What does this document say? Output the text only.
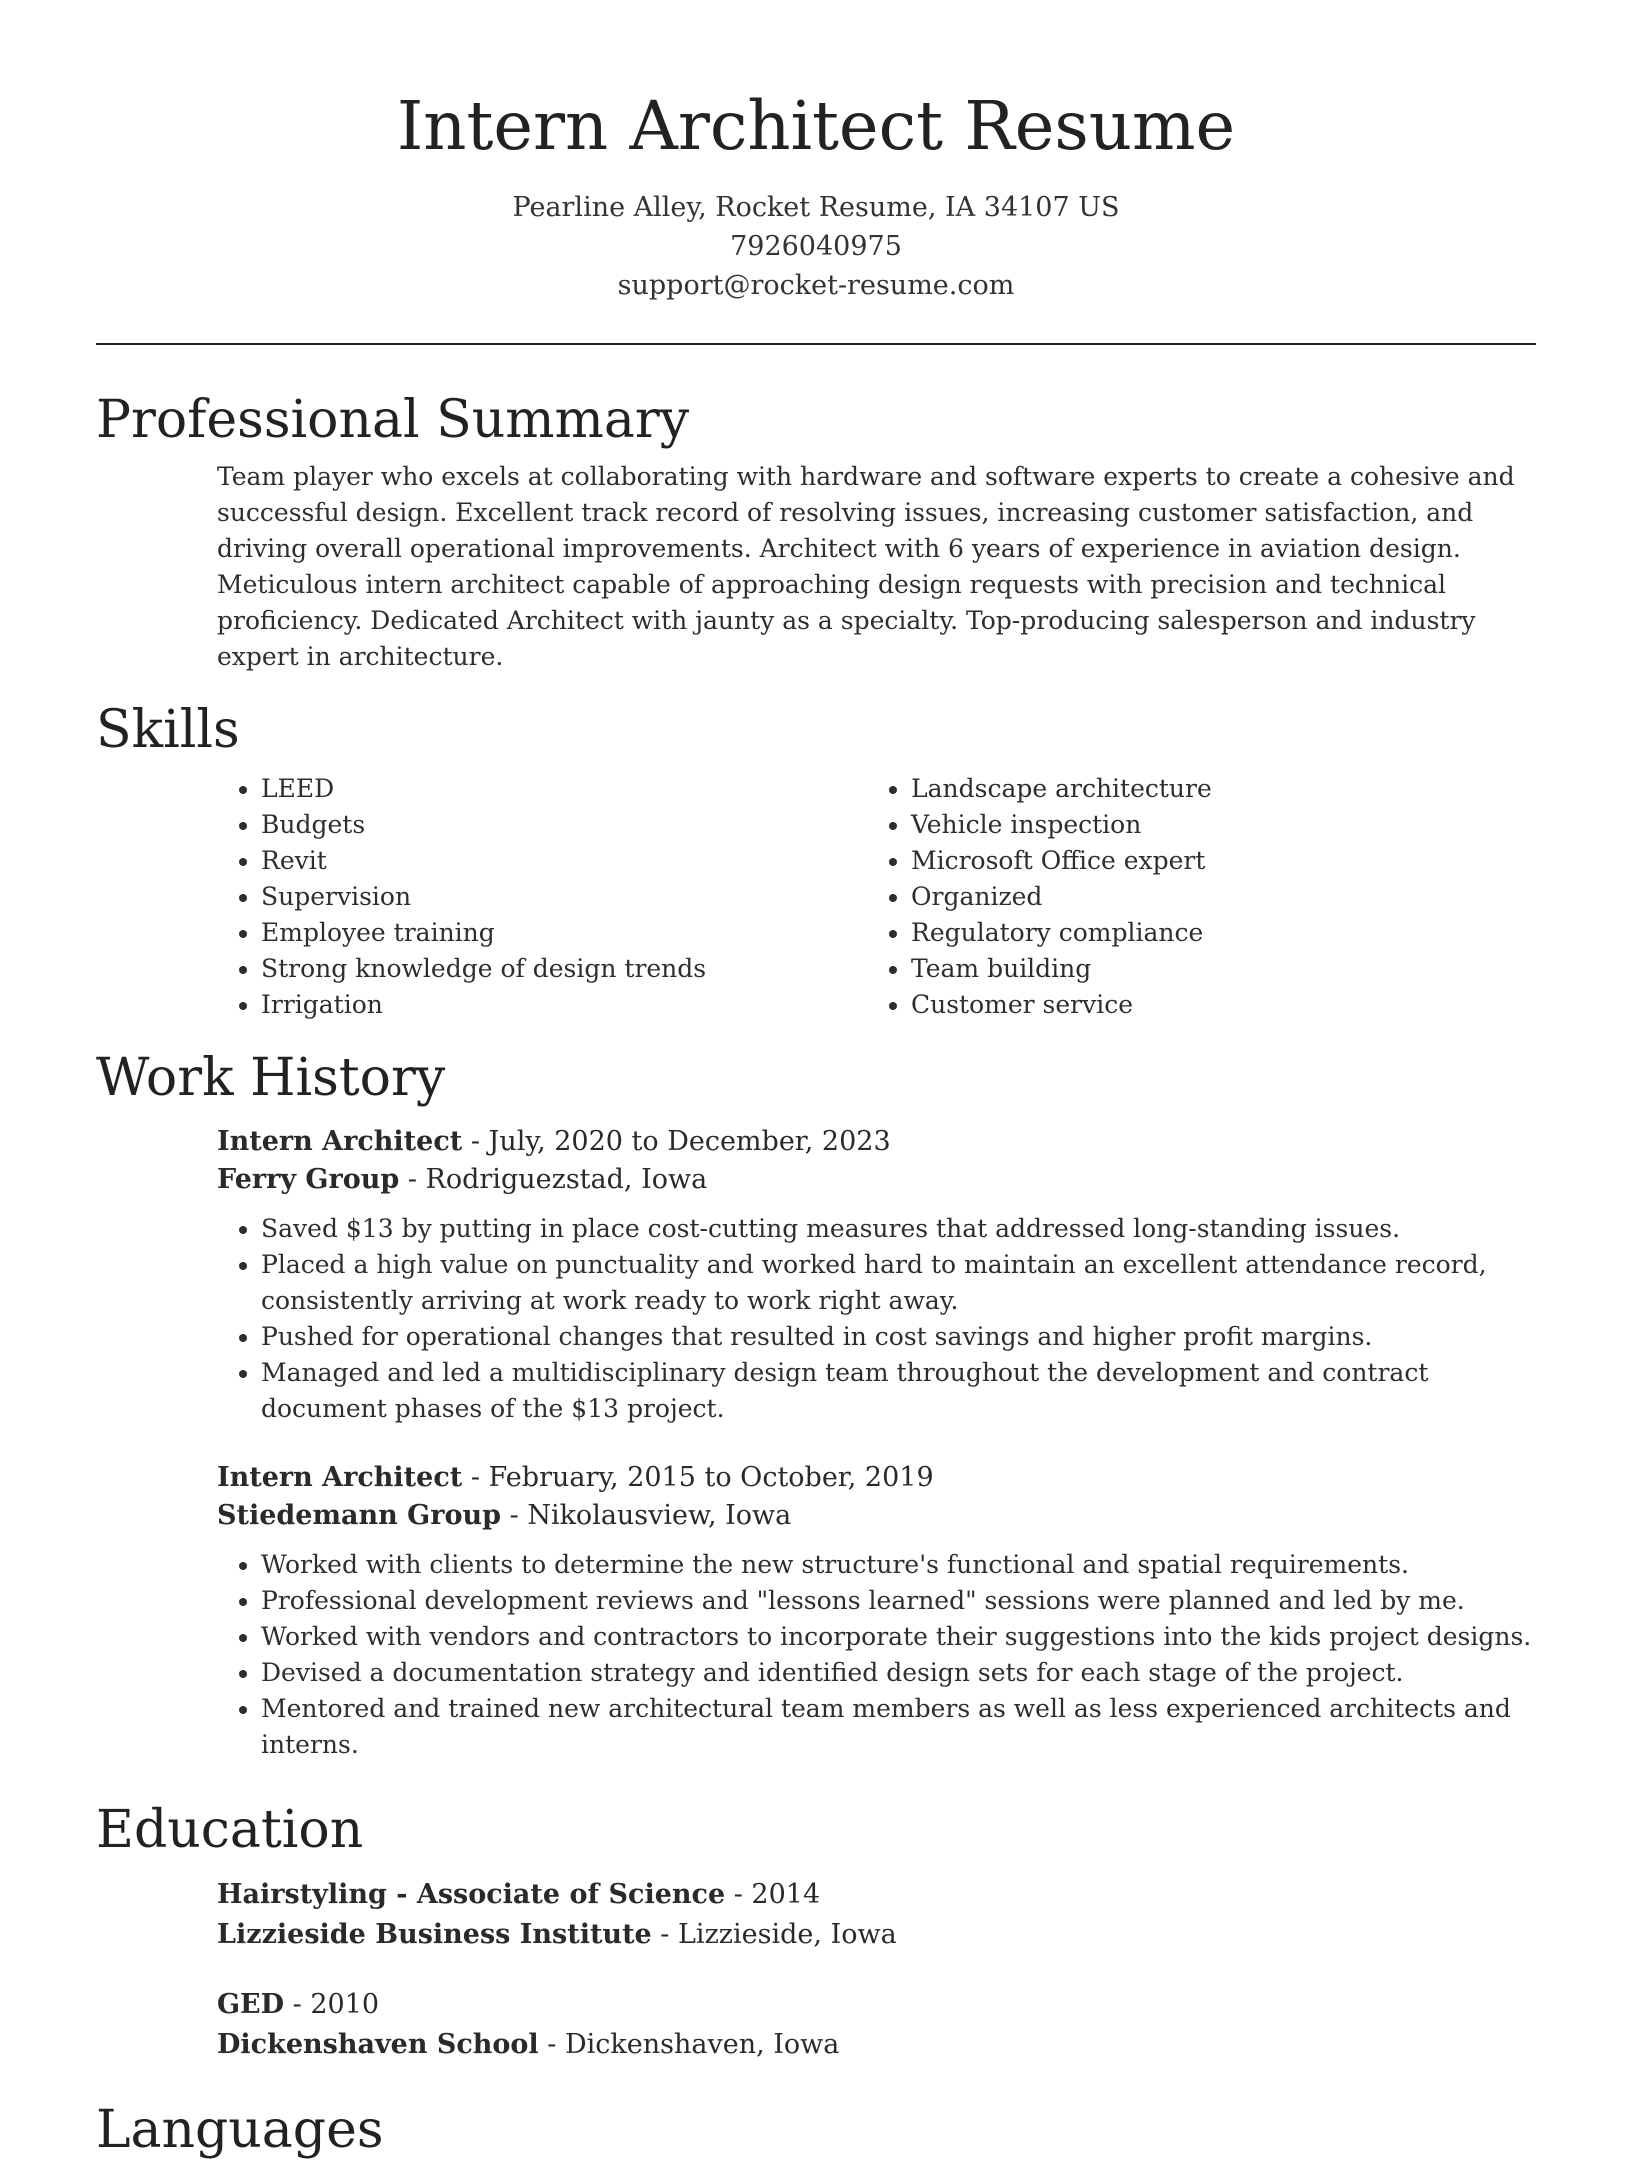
Intern Architect Resume
Pearline Alley, Rocket Resume, IA 34107 US
7926040975
support@rocket-resume.com
Professional Summary

Team player who excels at collaborating with hardware and software experts to create a cohesive and successful design. Excellent track record of resolving issues, increasing customer satisfaction, and driving overall operational improvements. Architect with 6 years of experience in aviation design. Meticulous intern architect capable of approaching design requests with precision and technical proficiency. Dedicated Architect with jaunty as a specialty. Top-producing salesperson and industry expert in architecture.

Skills
• LEED
• Budgets
• Revit
• Supervision
• Employee training
• Strong knowledge of design trends
• Irrigation
• Landscape architecture
• Vehicle inspection
• Microsoft Office expert
• Organized
• Regulatory compliance
• Team building
• Customer service
Work History
Intern Architect - July, 2020 to December, 2023
Ferry Group - Rodriguezstad, Iowa
• Saved $13 by putting in place cost-cutting measures that addressed long-standing issues.
• Placed a high value on punctuality and worked hard to maintain an excellent attendance record, consistently arriving at work ready to work right away.
• Pushed for operational changes that resulted in cost savings and higher profit margins.
• Managed and led a multidisciplinary design team throughout the development and contract document phases of the $13 project.
Intern Architect - February, 2015 to October, 2019
Stiedemann Group - Nikolausview, Iowa
• Worked with clients to determine the new structure's functional and spatial requirements.
• Professional development reviews and "lessons learned" sessions were planned and led by me.
• Worked with vendors and contractors to incorporate their suggestions into the kids project designs.
• Devised a documentation strategy and identified design sets for each stage of the project.
• Mentored and trained new architectural team members as well as less experienced architects and interns.
Education
Hairstyling - Associate of Science - 2014
Lizzieside Business Institute - Lizzieside, Iowa
GED - 2010
Dickenshaven School - Dickenshaven, Iowa
Languages
